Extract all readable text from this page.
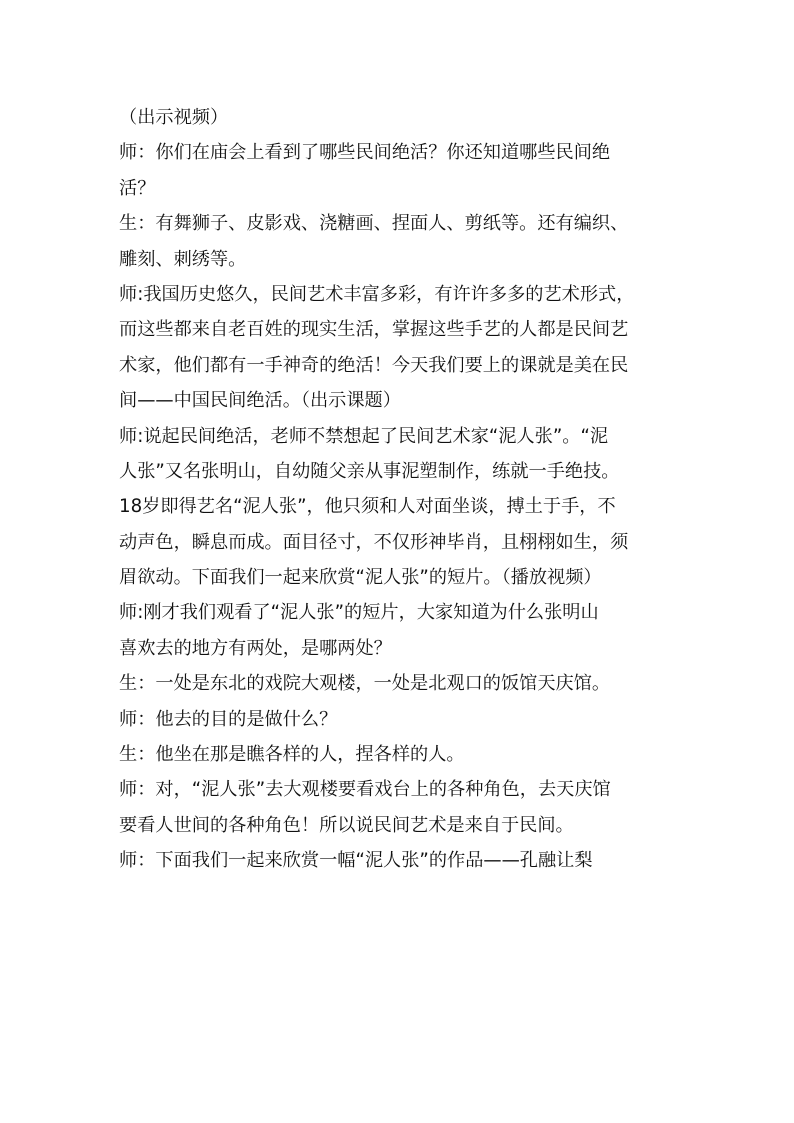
（出示视频）
师：你们在庙会上看到了哪些民间绝活？你还知道哪些民间绝
活？
生：有舞狮子、皮影戏、浇糖画、捏面人、剪纸等。还有编织、
雕刻、刺绣等。
师:我国历史悠久，民间艺术丰富多彩，有许许多多的艺术形式，
而这些都来自老百姓的现实生活，掌握这些手艺的人都是民间艺
术家，他们都有一手神奇的绝活！今天我们要上的课就是美在民
间——中国民间绝活。（出示课题）
师:说起民间绝活，老师不禁想起了民间艺术家“泥人张”。“泥
人张”又名张明山，自幼随父亲从事泥塑制作，练就一手绝技。
18岁即得艺名“泥人张”，他只须和人对面坐谈，搏土于手，不
动声色，瞬息而成。面目径寸，不仅形神毕肖，且栩栩如生，须
眉欲动。下面我们一起来欣赏“泥人张”的短片。（播放视频）
师:刚才我们观看了“泥人张”的短片，大家知道为什么张明山
喜欢去的地方有两处，是哪两处？
生：一处是东北的戏院大观楼，一处是北观口的饭馆天庆馆。
师：他去的目的是做什么？
生：他坐在那是瞧各样的人，捏各样的人。
师：对，“泥人张”去大观楼要看戏台上的各种角色，去天庆馆
要看人世间的各种角色！所以说民间艺术是来自于民间。
师：下面我们一起来欣赏一幅“泥人张”的作品——孔融让梨
